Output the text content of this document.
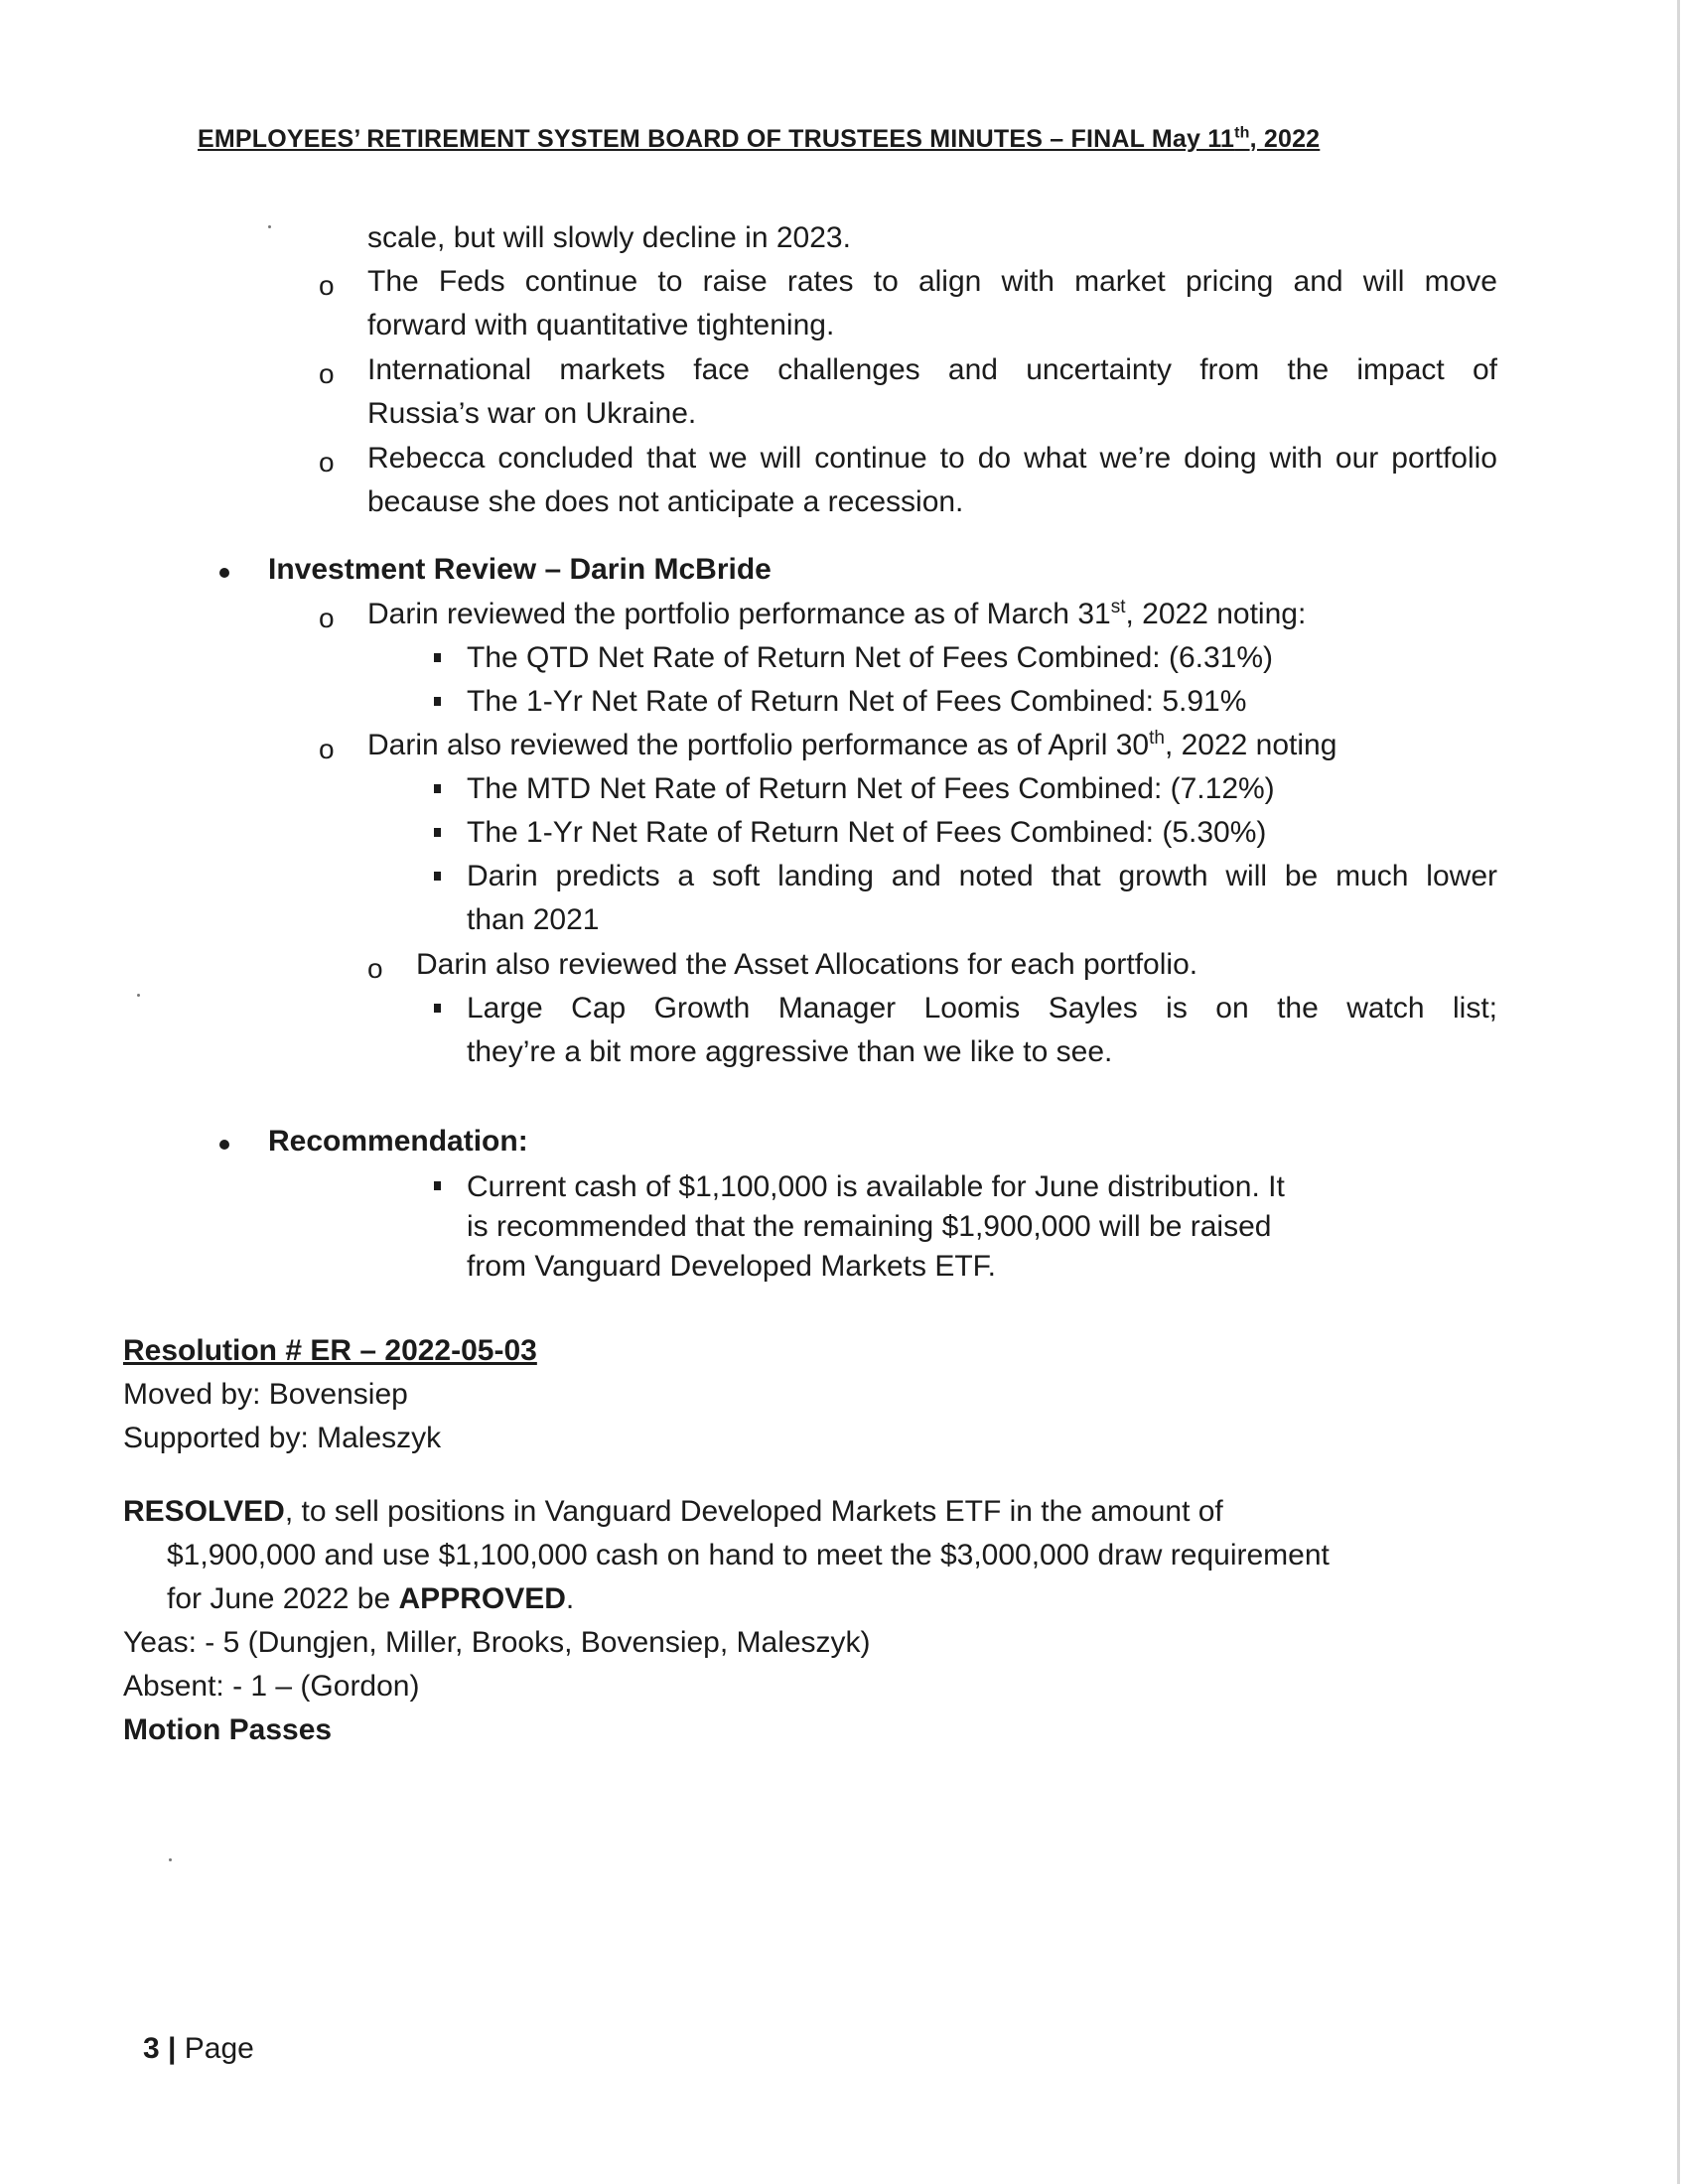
EMPLOYEES’ RETIREMENT SYSTEM BOARD OF TRUSTEES MINUTES – FINAL May 11th, 2022
scale, but will slowly decline in 2023.
o The Feds continue to raise rates to align with market pricing and will move
forward with quantitative tightening.
o International markets face challenges and uncertainty from the impact of
Russia’s war on Ukraine.
o Rebecca concluded that we will continue to do what we’re doing with our portfolio
because she does not anticipate a recession.
Investment Review – Darin McBride
o Darin reviewed the portfolio performance as of March 31st, 2022 noting:
The QTD Net Rate of Return Net of Fees Combined: (6.31%)
The 1-Yr Net Rate of Return Net of Fees Combined: 5.91%
o Darin also reviewed the portfolio performance as of April 30th, 2022 noting
The MTD Net Rate of Return Net of Fees Combined: (7.12%)
The 1-Yr Net Rate of Return Net of Fees Combined: (5.30%)
Darin predicts a soft landing and noted that growth will be much lower
than 2021
o Darin also reviewed the Asset Allocations for each portfolio.
Large Cap Growth Manager Loomis Sayles is on the watch list;
they’re a bit more aggressive than we like to see.
Recommendation:
Current cash of $1,100,000 is available for June distribution. It
is recommended that the remaining $1,900,000 will be raised
from Vanguard Developed Markets ETF.
Resolution # ER – 2022-05-03
Moved by: Bovensiep
Supported by: Maleszyk
RESOLVED, to sell positions in Vanguard Developed Markets ETF in the amount of
$1,900,000 and use $1,100,000 cash on hand to meet the $3,000,000 draw requirement
for June 2022 be APPROVED.
Yeas: - 5 (Dungjen, Miller, Brooks, Bovensiep, Maleszyk)
Absent: - 1 – (Gordon)
Motion Passes
3 | Page
